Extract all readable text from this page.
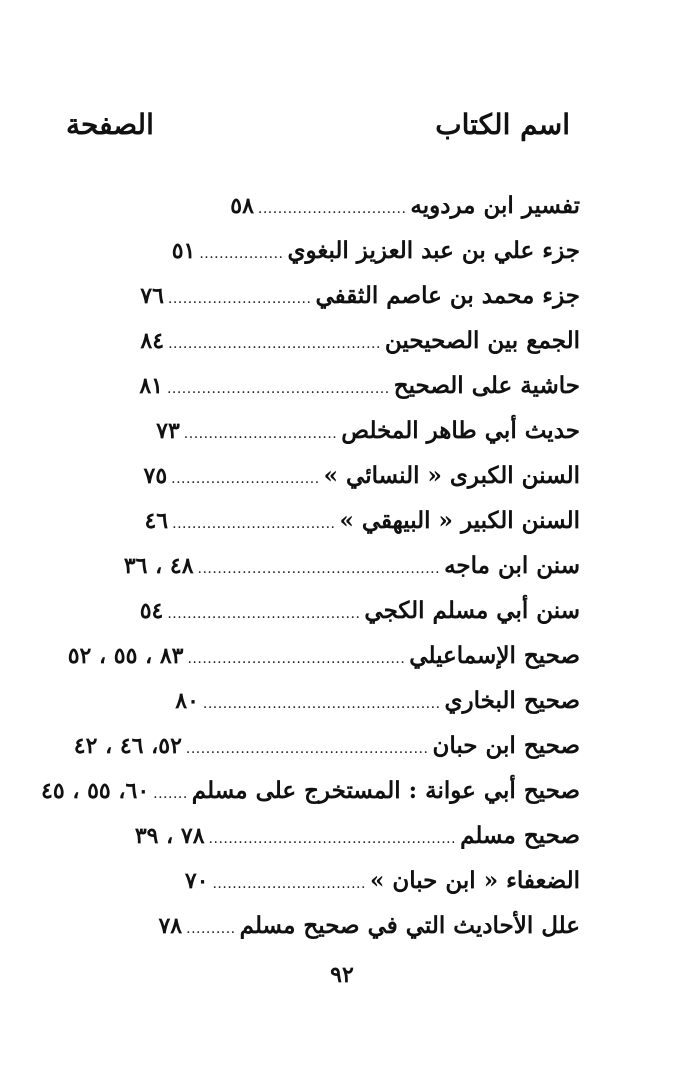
اسم الكتاب
الصفحة
تفسير ابن مردويه
..............................
٥٨
جزء علي بن عبد العزيز البغوي
.................
٥١
جزء محمد بن عاصم الثقفي
.............................
٧٦
الجمع بين الصحيحين
...........................................
٨٤
حاشية على الصحيح
.............................................
٨١
حديث أبي طاهر المخلص
...............................
٧٣
السنن الكبرى « النسائي »
..............................
٧٥
السنن الكبير « البيهقي »
.................................
٤٦
سنن ابن ماجه
.................................................
٤٨ ، ٣٦
سنن أبي مسلم الكجي
.......................................
٥٤
صحيح الإسماعيلي
............................................
٨٣ ، ٥٥ ، ٥٢
صحيح البخاري
................................................
٨٠
صحيح ابن حبان
.................................................
٥٢، ٤٦ ، ٤٢
صحيح أبي عوانة : المستخرج على مسلم
.......
٦٠، ٥٥ ، ٤٥
صحيح مسلم
..................................................
٧٨ ، ٣٩
الضعفاء « ابن حبان »
...............................
٧٠
علل الأحاديث التي في صحيح مسلم
..........
٧٨
٩٢
